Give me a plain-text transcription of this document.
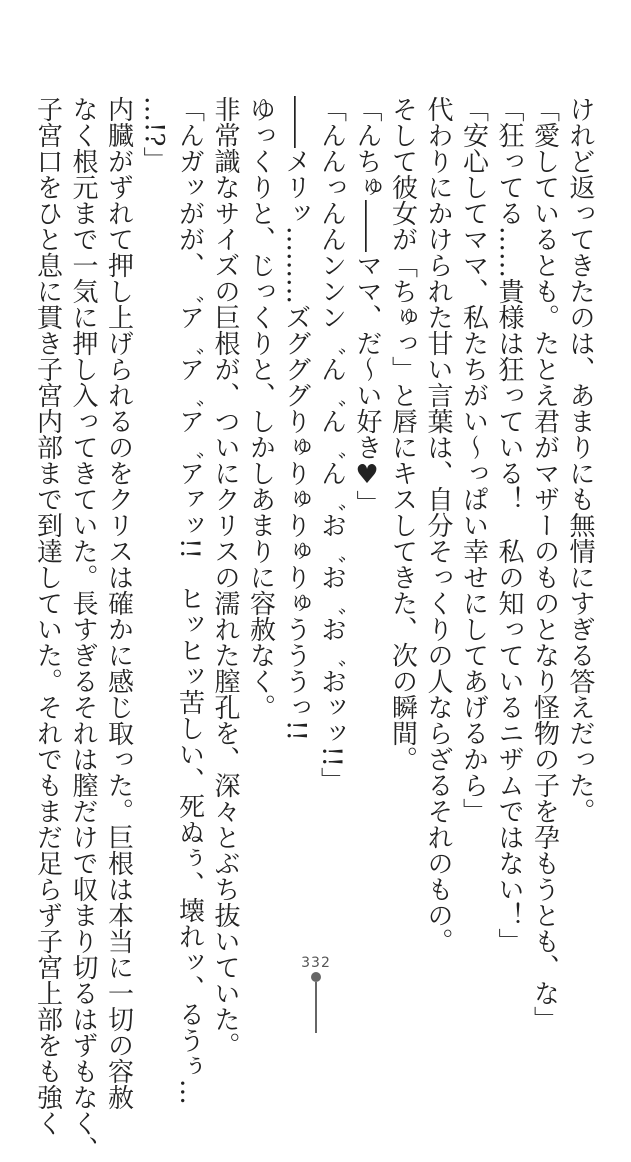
けれど返ってきたのは、あまりにも無情にすぎる答えだった。
「愛しているとも。たとえ君がマザーのものとなり怪物の子を孕もうとも、な」
「狂ってる……貴様は狂っている！　私の知っているニザムではない！」
「安心してママ、私たちがい～っぱい幸せにしてあげるから」
代わりにかけられた甘い言葉は、自分そっくりの人ならざるそれのもの。
そして彼女が「ちゅっ」と唇にキスしてきた、次の瞬間。
「んちゅ――ママ、だ～い好き♥」
「んんっんんンンン゛ん゛ん゛ん゛お゛お゛お゛おッッ!!」
――メリッ………ズグググりゅりゅりゅりゅうううっ!!
ゆっくりと、じっくりと、しかしあまりに容赦なく。
非常識なサイズの巨根が、ついにクリスの濡れた膣孔を、深々とぶち抜いていた。
「んガッがが、゛ア゛ア゛ア゛アァッ!!　ヒッヒッ苦しい、死ぬぅ、壊れッ、るうぅ…
…!?」
内臓がずれて押し上げられるのをクリスは確かに感じ取った。巨根は本当に一切の容赦
なく根元まで一気に押し入ってきていた。長すぎるそれは膣だけで収まり切るはずもなく、
子宮口をひと息に貫き子宮内部まで到達していた。それでもまだ足らず子宮上部をも強く	332
